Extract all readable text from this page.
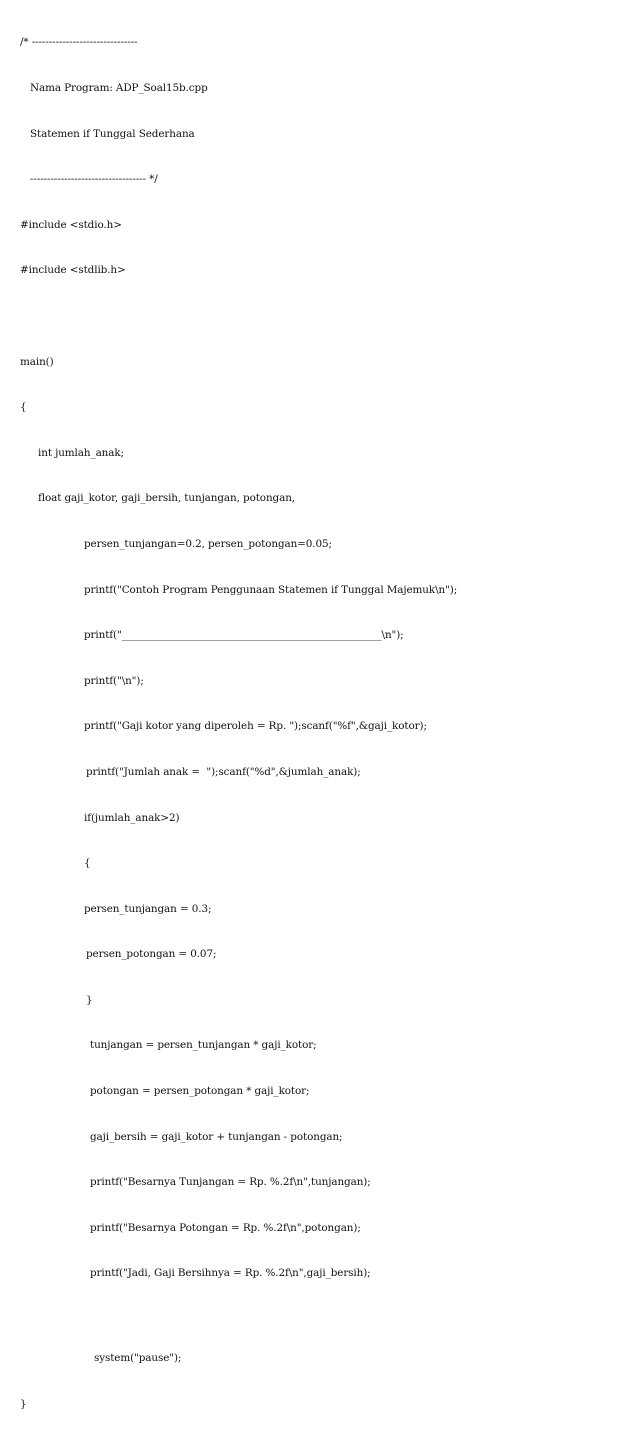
/* -------------------------------

Nama Program: ADP_Soal15b.cpp

Statemen if Tunggal Sederhana

---------------------------------- */

#include <stdio.h>

#include <stdlib.h>

main()

{

int jumlah_anak;

float gaji_kotor, gaji_bersih, tunjangan, potongan,

persen_tunjangan=0.2, persen_potongan=0.05;

printf("Contoh Program Penggunaan Statemen if Tunggal Majemuk\n");

printf("___________________________________________________\n");

printf("\n");

printf("Gaji kotor yang diperoleh = Rp. ");scanf("%f",&gaji_kotor);

printf("Jumlah anak =  ");scanf("%d",&jumlah_anak);

if(jumlah_anak>2)

{

persen_tunjangan = 0.3;

persen_potongan = 0.07;

}

tunjangan = persen_tunjangan * gaji_kotor;

potongan = persen_potongan * gaji_kotor;

gaji_bersih = gaji_kotor + tunjangan - potongan;

printf("Besarnya Tunjangan = Rp. %.2f\n",tunjangan);

printf("Besarnya Potongan = Rp. %.2f\n",potongan);

printf("Jadi, Gaji Bersihnya = Rp. %.2f\n",gaji_bersih);

system("pause");

}
